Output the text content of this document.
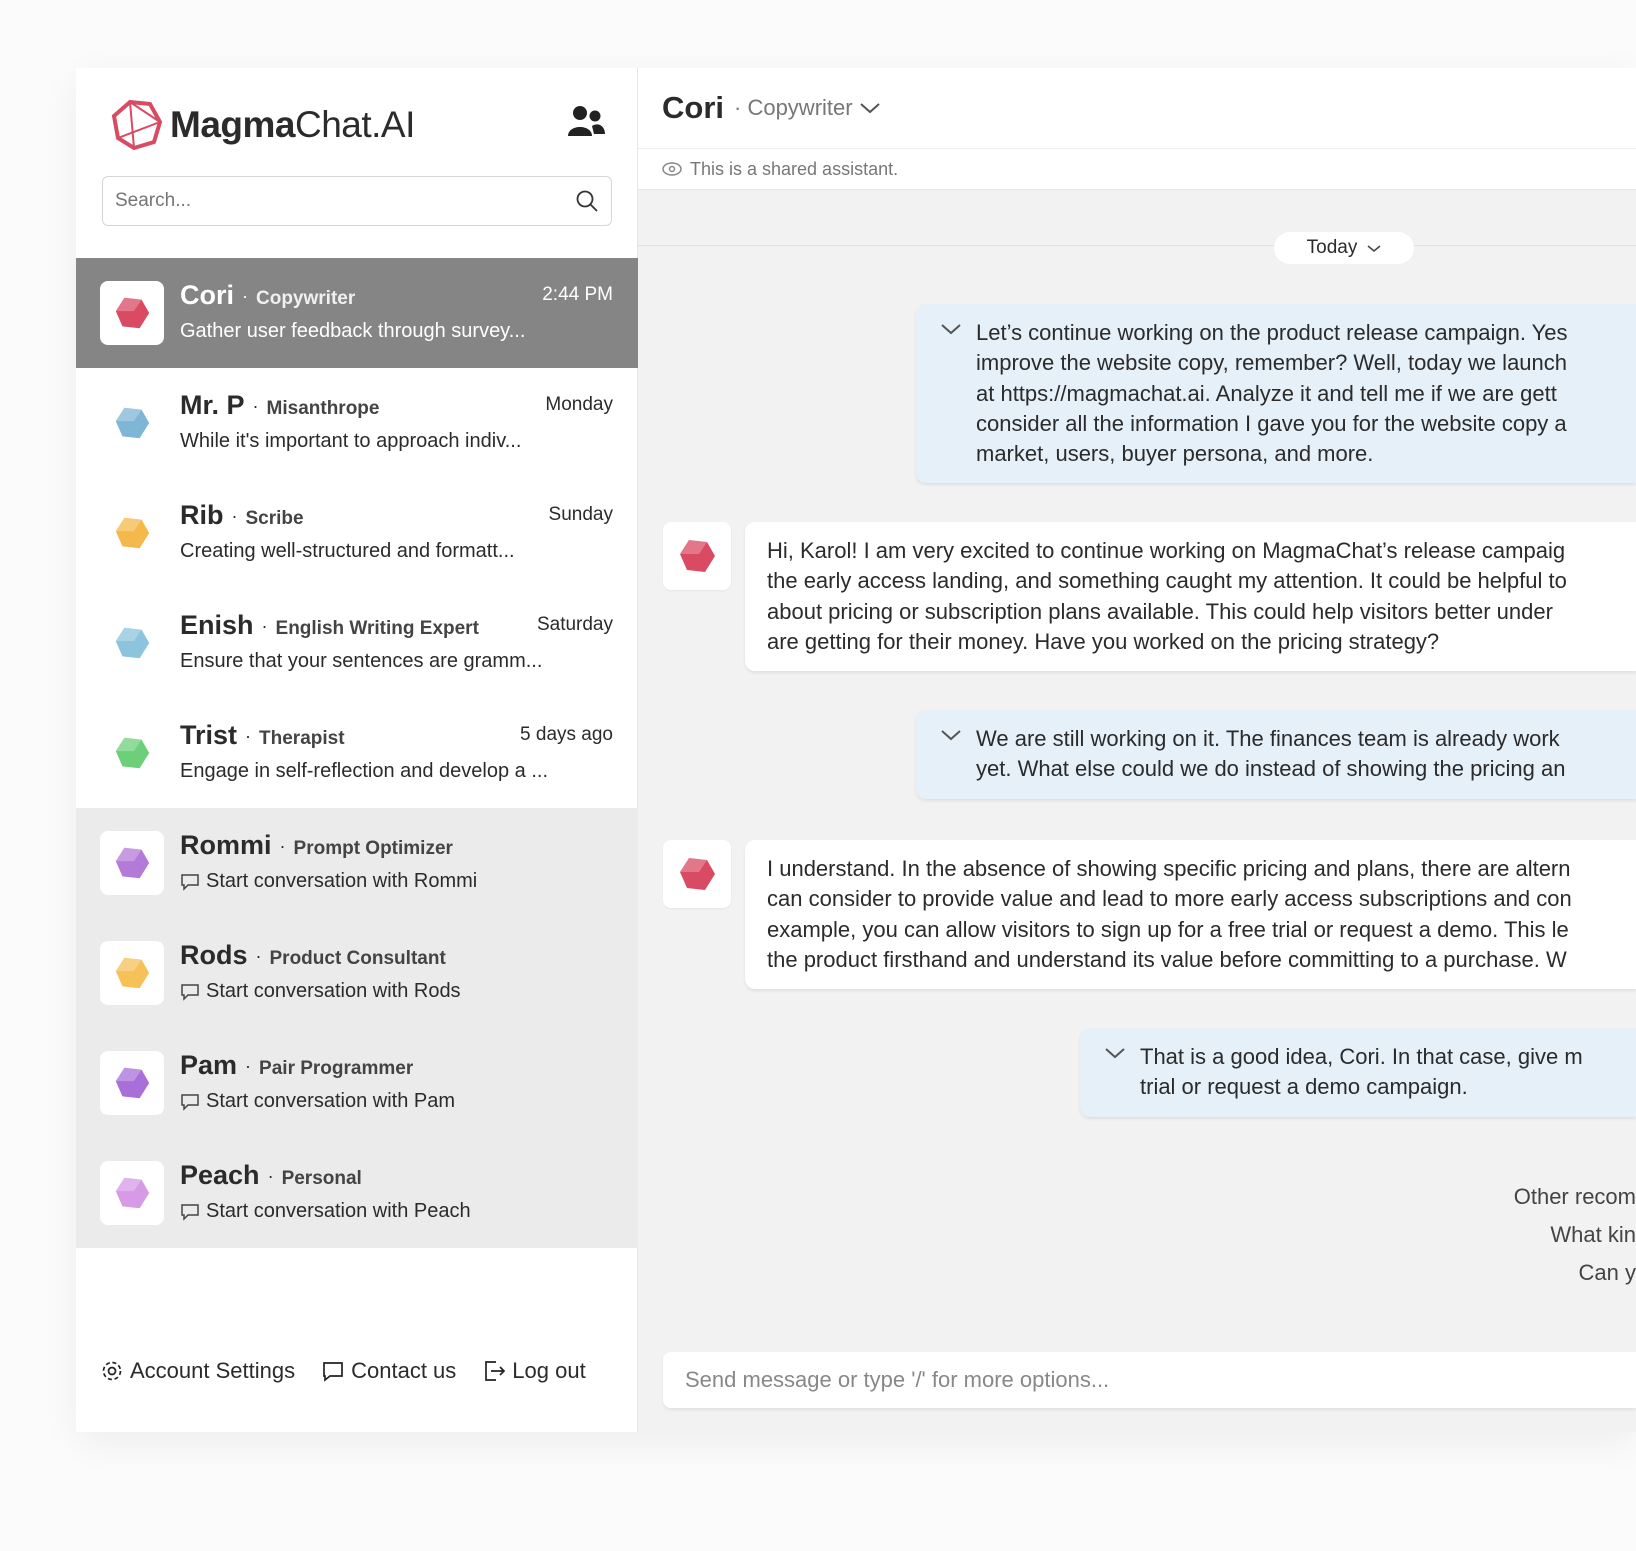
MagmaChat.AI
Search...
Cori · Copywriter
Gather user feedback through survey...
2:44 PM
Mr. P · Misanthrope
While it's important to approach indiv...
Monday
Rib · Scribe
Creating well-structured and formatt...
Sunday
Enish · English Writing Expert
Ensure that your sentences are gramm...
Saturday
Trist · Therapist
Engage in self-reflection and develop a ...
5 days ago
Rommi · Prompt Optimizer
Start conversation with Rommi
Rods · Product Consultant
Start conversation with Rods
Pam · Pair Programmer
Start conversation with Pam
Peach · Personal
Start conversation with Peach
Account Settings	Contact us	Log out
Cori · Copywriter
This is a shared assistant.
Today
Let’s continue working on the product release campaign. Yes
improve the website copy, remember? Well, today we launch
at https://magmachat.ai. Analyze it and tell me if we are gett
consider all the information I gave you for the website copy a
market, users, buyer persona, and more.
Hi, Karol! I am very excited to continue working on MagmaChat’s release campaig
the early access landing, and something caught my attention. It could be helpful to
about pricing or subscription plans available. This could help visitors better under
are getting for their money. Have you worked on the pricing strategy?
We are still working on it. The finances team is already work
yet. What else could we do instead of showing the pricing an
I understand. In the absence of showing specific pricing and plans, there are altern
can consider to provide value and lead to more early access subscriptions and con
example, you can allow visitors to sign up for a free trial or request a demo. This le
the product firsthand and understand its value before committing to a purchase. W
That is a good idea, Cori. In that case, give m
trial or request a demo campaign.
Other recom
What kin
Can y
Send message or type '/' for more options...
